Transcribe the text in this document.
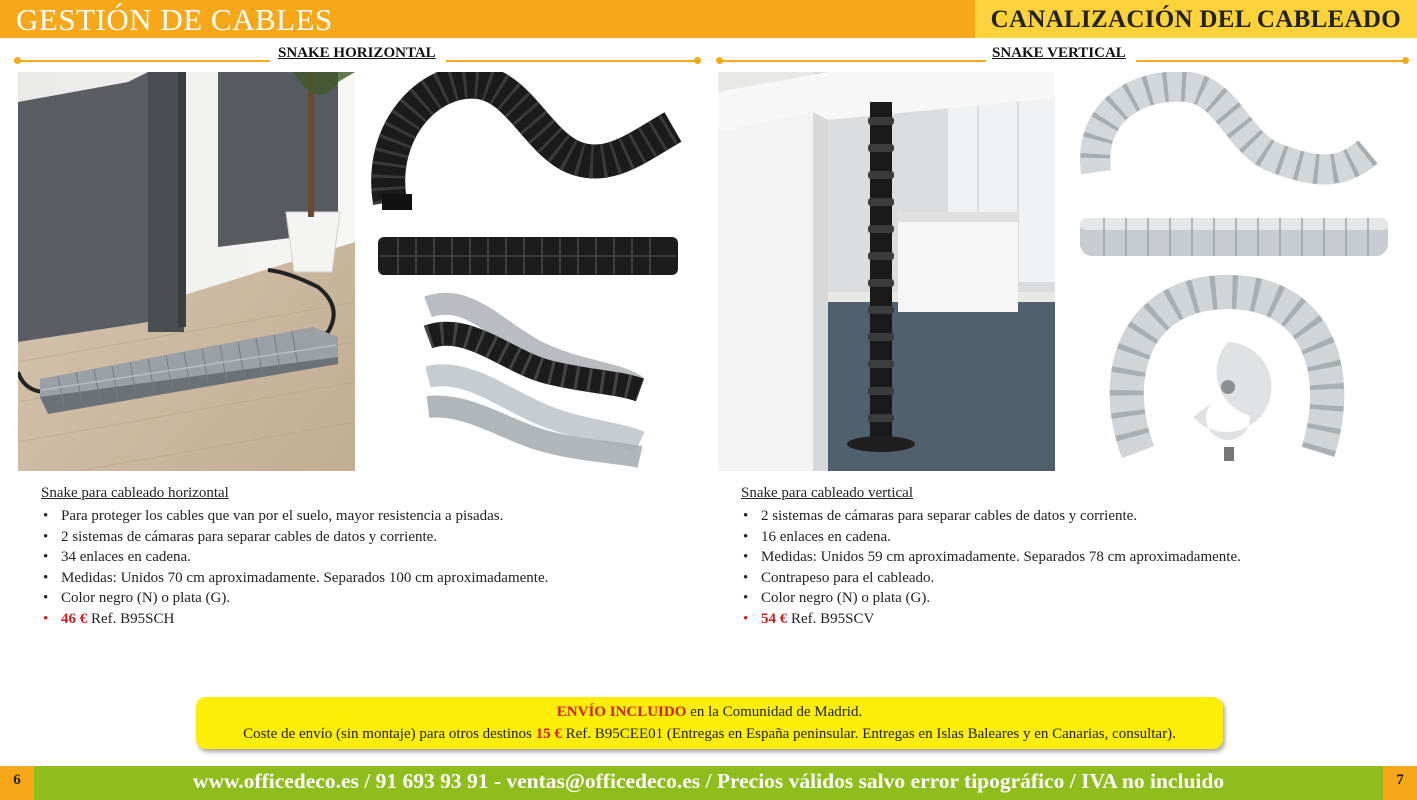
GESTIÓN DE CABLES	CANALIZACIÓN DEL CABLEADO
SNAKE HORIZONTAL	SNAKE VERTICAL
Snake para cableado horizontal
• Para proteger los cables que van por el suelo, mayor resistencia a pisadas.
• 2 sistemas de cámaras para separar cables de datos y corriente.
• 34 enlaces en cadena.
• Medidas: Unidos 70 cm aproximadamente. Separados 100 cm aproximadamente.
• Color negro (N) o plata (G).
• 46 € Ref. B95SCH
Snake para cableado vertical
• 2 sistemas de cámaras para separar cables de datos y corriente.
• 16 enlaces en cadena.
• Medidas: Unidos 59 cm aproximadamente. Separados 78 cm aproximadamente.
• Contrapeso para el cableado.
• Color negro (N) o plata (G).
• 54 € Ref. B95SCV
ENVÍO INCLUIDO en la Comunidad de Madrid.
Coste de envío (sin montaje) para otros destinos 15 € Ref. B95CEE01 (Entregas en España peninsular. Entregas en Islas Baleares y en Canarias, consultar).
6	www.officedeco.es / 91 693 93 91 - ventas@officedeco.es / Precios válidos salvo error tipográfico / IVA no incluido	7
